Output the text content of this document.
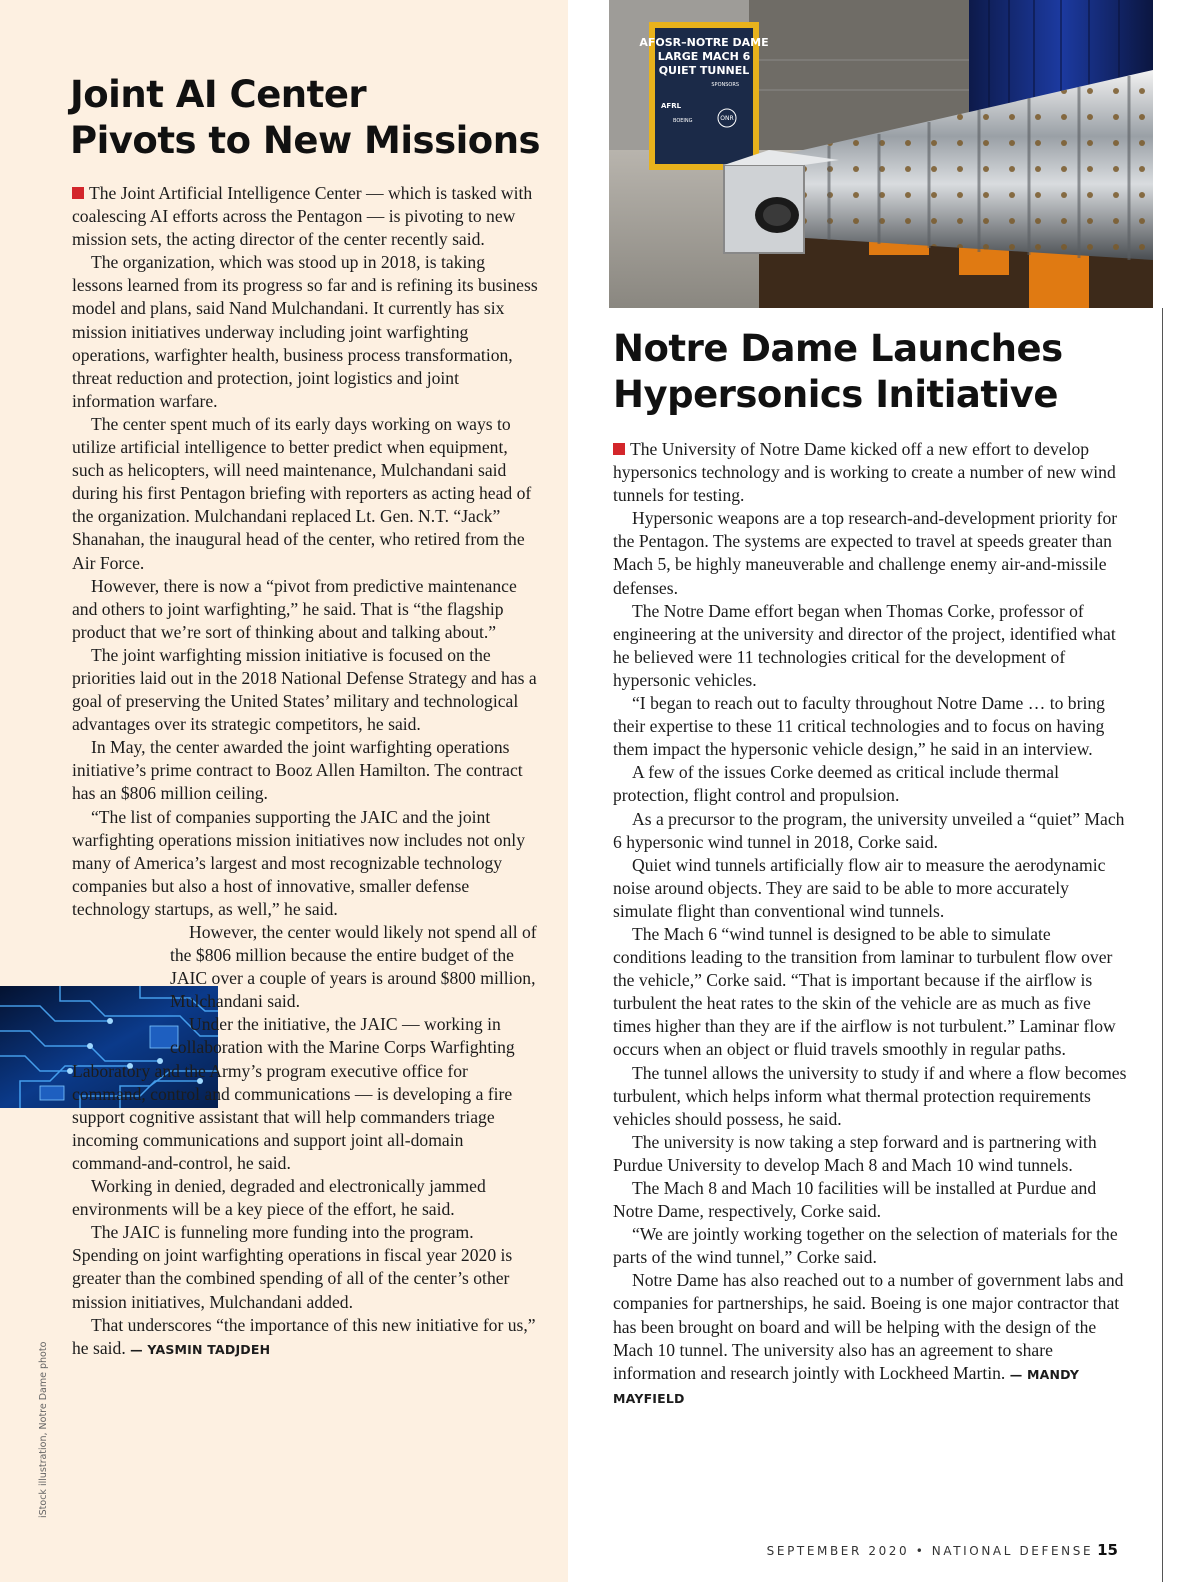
AFOSR–NOTRE DAME
LARGE MACH 6
QUIET TUNNEL
SPONSORS
AFRL
BOEING	ONR
Joint AI Center
Pivots to New Missions

The Joint Artificial Intelligence Center — which is tasked with coalescing AI efforts across the Pentagon — is pivoting to new mission sets, the acting director of the center recently said.

The organization, which was stood up in 2018, is taking lessons learned from its progress so far and is refining its business model and plans, said Nand Mulchandani. It currently has six mission initiatives underway including joint warfighting operations, warfighter health, business process transformation, threat reduction and protection, joint logistics and joint information warfare.

The center spent much of its early days working on ways to utilize artificial intelligence to better predict when equipment, such as helicopters, will need maintenance, Mulchandani said during his first Pentagon briefing with reporters as acting head of the organization. Mulchandani replaced Lt. Gen. N.T. “Jack” Shanahan, the inaugural head of the center, who retired from the Air Force.

However, there is now a “pivot from predictive maintenance and others to joint warfighting,” he said. That is “the flagship product that we’re sort of thinking about and talking about.”

The joint warfighting mission initiative is focused on the priorities laid out in the 2018 National Defense Strategy and has a goal of preserving the United States’ military and technological advantages over its strategic competitors, he said.

In May, the center awarded the joint warfighting operations initiative’s prime contract to Booz Allen Hamilton. The contract has an $806 million ceiling.

“The list of companies supporting the JAIC and the joint warfighting operations mission initiatives now includes not only many of America’s largest and most recognizable technology companies but also a host of innovative, smaller defense technology startups, as well,” he said.

However, the center would likely not spend all of the $806 million because the entire budget of the JAIC over a couple of years is around $800 million, Mulchandani said.

Under the initiative, the JAIC — working in collaboration with the Marine Corps Warfighting Laboratory and the Army’s program executive office for command, control and communications — is developing a fire support cognitive assistant that will help commanders triage incoming communications and support joint all-domain command-and-control, he said.

Working in denied, degraded and electronically jammed environments will be a key piece of the effort, he said.

The JAIC is funneling more funding into the program. Spending on joint warfighting operations in fiscal year 2020 is greater than the combined spending of all of the center’s other mission initiatives, Mulchandani added.

That underscores “the importance of this new initiative for us,” he said. — YASMIN TADJDEH

Notre Dame Launches
Hypersonics Initiative

The University of Notre Dame kicked off a new effort to develop hypersonics technology and is working to create a number of new wind tunnels for testing.

Hypersonic weapons are a top research-and-development priority for the Pentagon. The systems are expected to travel at speeds greater than Mach 5, be highly maneuverable and challenge enemy air-and-missile defenses.

The Notre Dame effort began when Thomas Corke, professor of engineering at the university and director of the project, identified what he believed were 11 technologies critical for the development of hypersonic vehicles.

“I began to reach out to faculty throughout Notre Dame … to bring their expertise to these 11 critical technologies and to focus on having them impact the hypersonic vehicle design,” he said in an interview.

A few of the issues Corke deemed as critical include thermal protection, flight control and propulsion.

As a precursor to the program, the university unveiled a “quiet” Mach 6 hypersonic wind tunnel in 2018, Corke said.

Quiet wind tunnels artificially flow air to measure the aerodynamic noise around objects. They are said to be able to more accurately simulate flight than conventional wind tunnels.

The Mach 6 “wind tunnel is designed to be able to simulate conditions leading to the transition from laminar to turbulent flow over the vehicle,” Corke said. “That is important because if the airflow is turbulent the heat rates to the skin of the vehicle are as much as five times higher than they are if the airflow is not turbulent.” Laminar flow occurs when an object or fluid travels smoothly in regular paths.

The tunnel allows the university to study if and where a flow becomes turbulent, which helps inform what thermal protection requirements vehicles should possess, he said.

The university is now taking a step forward and is partnering with Purdue University to develop Mach 8 and Mach 10 wind tunnels.

The Mach 8 and Mach 10 facilities will be installed at Purdue and Notre Dame, respectively, Corke said.

“We are jointly working together on the selection of materials for the parts of the wind tunnel,” Corke said.

Notre Dame has also reached out to a number of government labs and companies for partnerships, he said. Boeing is one major contractor that has been brought on board and will be helping with the design of the Mach 10 tunnel. The university also has an agreement to share information and research jointly with Lockheed Martin. — MANDY MAYFIELD

iStock illustration, Notre Dame photo
SEPTEMBER 2020 • NATIONAL DEFENSE 15
